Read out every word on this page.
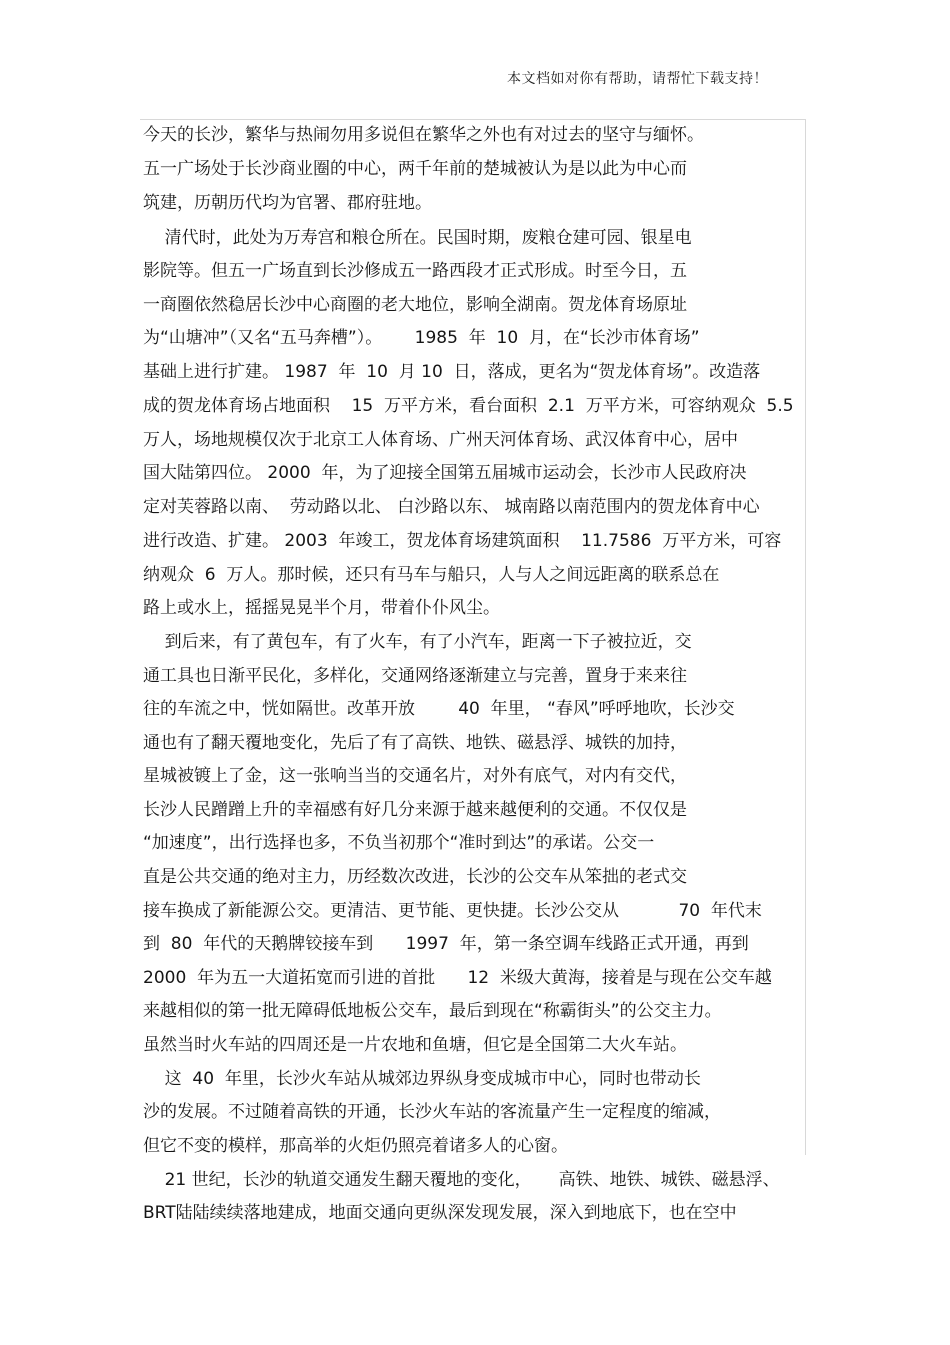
本文档如对你有帮助，请帮忙下载支持！
今天的长沙，繁华与热闹勿用多说但在繁华之外也有对过去的坚守与缅怀。
五一广场处于长沙商业圈的中心，两千年前的楚城被认为是以此为中心而
筑建，历朝历代均为官署、郡府驻地。
清代时，此处为万寿宫和粮仓所在。民国时期，废粮仓建可园、银星电
影院等。但五一广场直到长沙修成五一路西段才正式形成。时至今日，五
一商圈依然稳居长沙中心商圈的老大地位，影响全湖南。贺龙体育场原址
为“山塘冲”（又名“五马奔槽”）。      1985  年  10  月，在“长沙市体育场”
基础上进行扩建。 1987  年  10  月 10  日，落成，更名为“贺龙体育场”。改造落
成的贺龙体育场占地面积    15  万平方米，看台面积  2.1  万平方米，可容纳观众  5.5
万人，场地规模仅次于北京工人体育场、广州天河体育场、武汉体育中心，居中
国大陆第四位。 2000  年，为了迎接全国第五届城市运动会，长沙市人民政府决
定对芙蓉路以南、  劳动路以北、 白沙路以东、 城南路以南范围内的贺龙体育中心
进行改造、扩建。 2003  年竣工，贺龙体育场建筑面积    11.7586  万平方米，可容
纳观众  6  万人。那时候，还只有马车与船只，人与人之间远距离的联系总在
路上或水上，摇摇晃晃半个月，带着仆仆风尘。
到后来，有了黄包车，有了火车，有了小汽车，距离一下子被拉近，交
通工具也日渐平民化，多样化，交通网络逐渐建立与完善，置身于来来往
往的车流之中，恍如隔世。改革开放        40  年里， “春风”呼呼地吹，长沙交
通也有了翻天覆地变化，先后了有了高铁、地铁、磁悬浮、城铁的加持，
星城被镀上了金，这一张响当当的交通名片，对外有底气，对内有交代，
长沙人民蹭蹭上升的幸福感有好几分来源于越来越便利的交通。不仅仅是
“加速度”，出行选择也多，不负当初那个“准时到达”的承诺。公交一
直是公共交通的绝对主力，历经数次改进，长沙的公交车从笨拙的老式交
接车换成了新能源公交。更清洁、更节能、更快捷。长沙公交从           70  年代末
到  80  年代的天鹅牌铰接车到      1997  年，第一条空调车线路正式开通，再到
2000  年为五一大道拓宽而引进的首批      12  米级大黄海，接着是与现在公交车越
来越相似的第一批无障碍低地板公交车，最后到现在“称霸街头”的公交主力。
虽然当时火车站的四周还是一片农地和鱼塘，但它是全国第二大火车站。
这  40  年里，长沙火车站从城郊边界纵身变成城市中心，同时也带动长
沙的发展。不过随着高铁的开通，长沙火车站的客流量产生一定程度的缩减，
但它不变的模样，那高举的火炬仍照亮着诸多人的心窗。
21 世纪，长沙的轨道交通发生翻天覆地的变化，     高铁、地铁、城铁、磁悬浮、
BRT陆陆续续落地建成，地面交通向更纵深发现发展，深入到地底下，也在空中
